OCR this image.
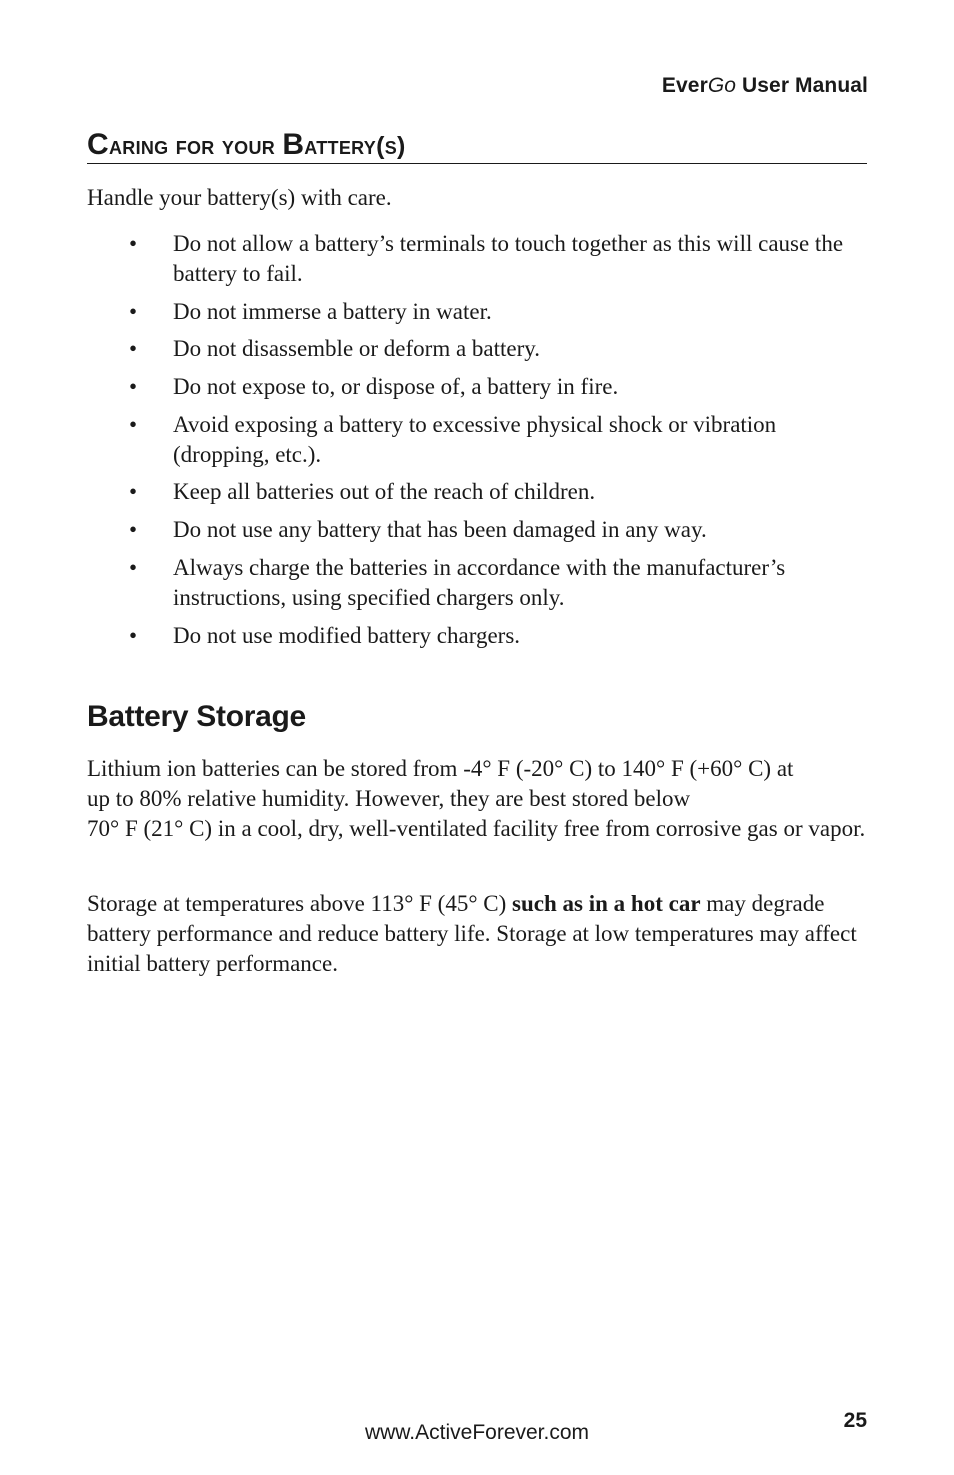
EverGo User Manual
Caring for your Battery(s)

Handle your battery(s) with care.

• Do not allow a battery’s terminals to touch together as this will cause the battery to fail.
• Do not immerse a battery in water.
• Do not disassemble or deform a battery.
• Do not expose to, or dispose of, a battery in fire.
• Avoid exposing a battery to excessive physical shock or vibration (dropping, etc.).
• Keep all batteries out of the reach of children.
• Do not use any battery that has been damaged in any way.
• Always charge the batteries in accordance with the manufacturer’s instructions, using specified chargers only.
• Do not use modified battery chargers.
Battery Storage

Lithium ion batteries can be stored from -4° F (-20° C) to 140° F (+60° C) at
up to 80% relative humidity. However, they are best stored below
70° F (21° C) in a cool, dry, well-ventilated facility free from corrosive gas or vapor.

Storage at temperatures above 113° F (45° C) such as in a hot car may degrade battery performance and reduce battery life. Storage at low temperatures may affect initial battery performance.

www.ActiveForever.com
25
